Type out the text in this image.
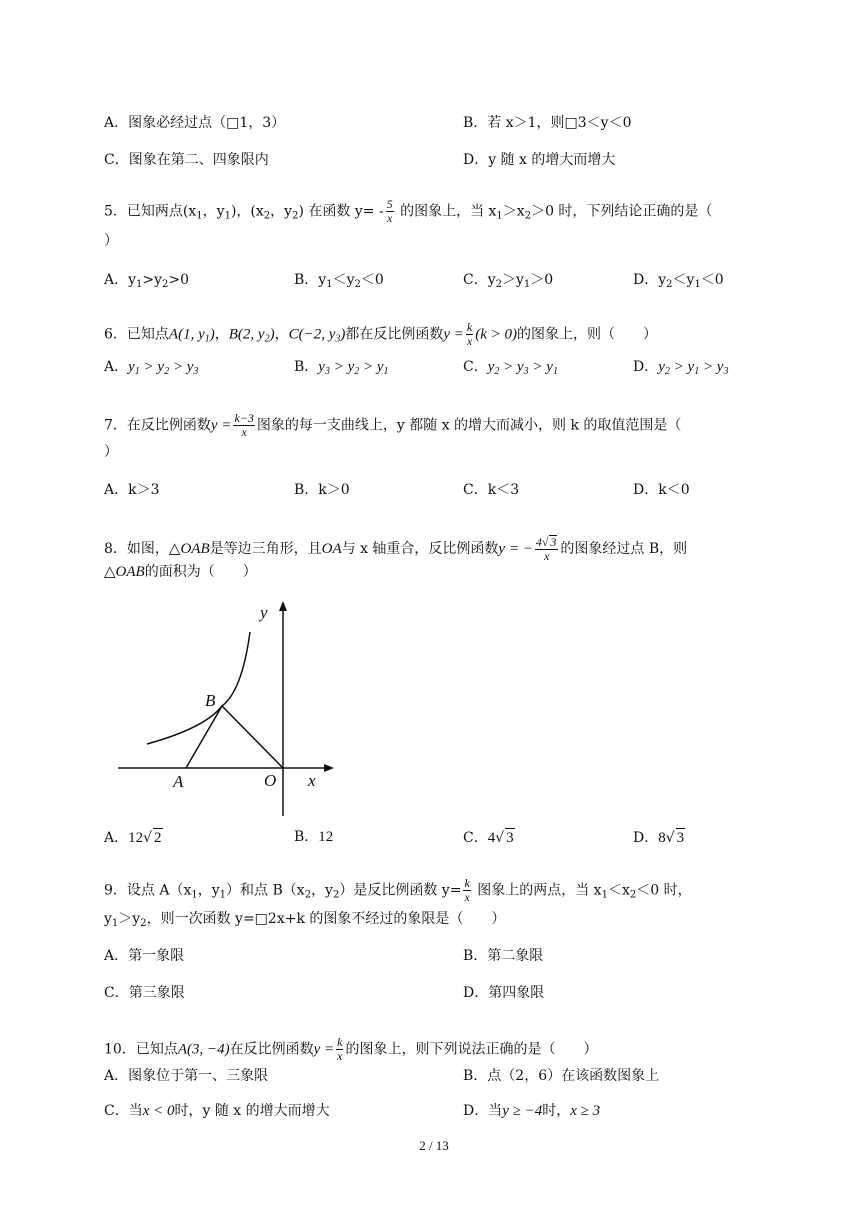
A．图象必经过点（□1，3）	B．若 x＞1，则□3＜y＜0
C．图象在第二、四象限内	D．y 随 x 的增大而增大
5．已知两点($x_1$，$y_1$)，($x_2$，$y_2$) 在函数 $y= - \frac{5}{x}$ 的图象上，当 $x_1>x_2>0$ 时，下列结论正确的是（
）
A．$y_1>y_2>0$	B．$y_1<y_2<0$	C．$y_2>y_1>0$	D．$y_2<y_1<0$
6．已知点A(1, $y_1$)，B(2, $y_2$)，C(−2, $y_3$)都在反比例函数$y = \frac{k}{x} (k > 0)$的图象上，则（　　）
A．$y_1 > y_2 > y_3$	B．$y_3 > y_2 > y_1$	C．$y_2 > y_3 > y_1$	D．$y_2 > y_1 > y_3$
7．在反比例函数$y = \frac{k-3}{x}$ 图象的每一支曲线上，y 都随 x 的增大而减小，则 k 的取值范围是（
）
A．k＞3	B．k＞0	C．k＜3	D．k＜0
8．如图，△OAB是等边三角形，且OA与 x 轴重合，反比例函数y = − $\frac{4√ 3}{x}$ 的图象经过点 B，则
△OAB的面积为（　　）
y
x
B
A	O
A．12√ 2	B．12	C．4√ 3	D．8√ 3
9．设点 $A(x_1$，$y_1$）和点 $B(x_2$，$y_2$）是反比例函数 $y= \frac{k}{x}$ 图象上的两点，当 $x_1<x_2<0$ 时，
$y_1>y_2$，则一次函数 y=□2x+k 的图象不经过的象限是（　　）
A．第一象限	B．第二象限
C．第三象限	D．第四象限
10．已知点A(3, −4)在反比例函数$y = \frac{k}{x}$ 的图象上，则下列说法正确的是（　　）
A．图象位于第一、三象限	B．点（2，6）在该函数图象上
C．当x < 0时，y 随 x 的增大而增大	D．当y ≥ −4时，x ≥ 3
2 / 13
